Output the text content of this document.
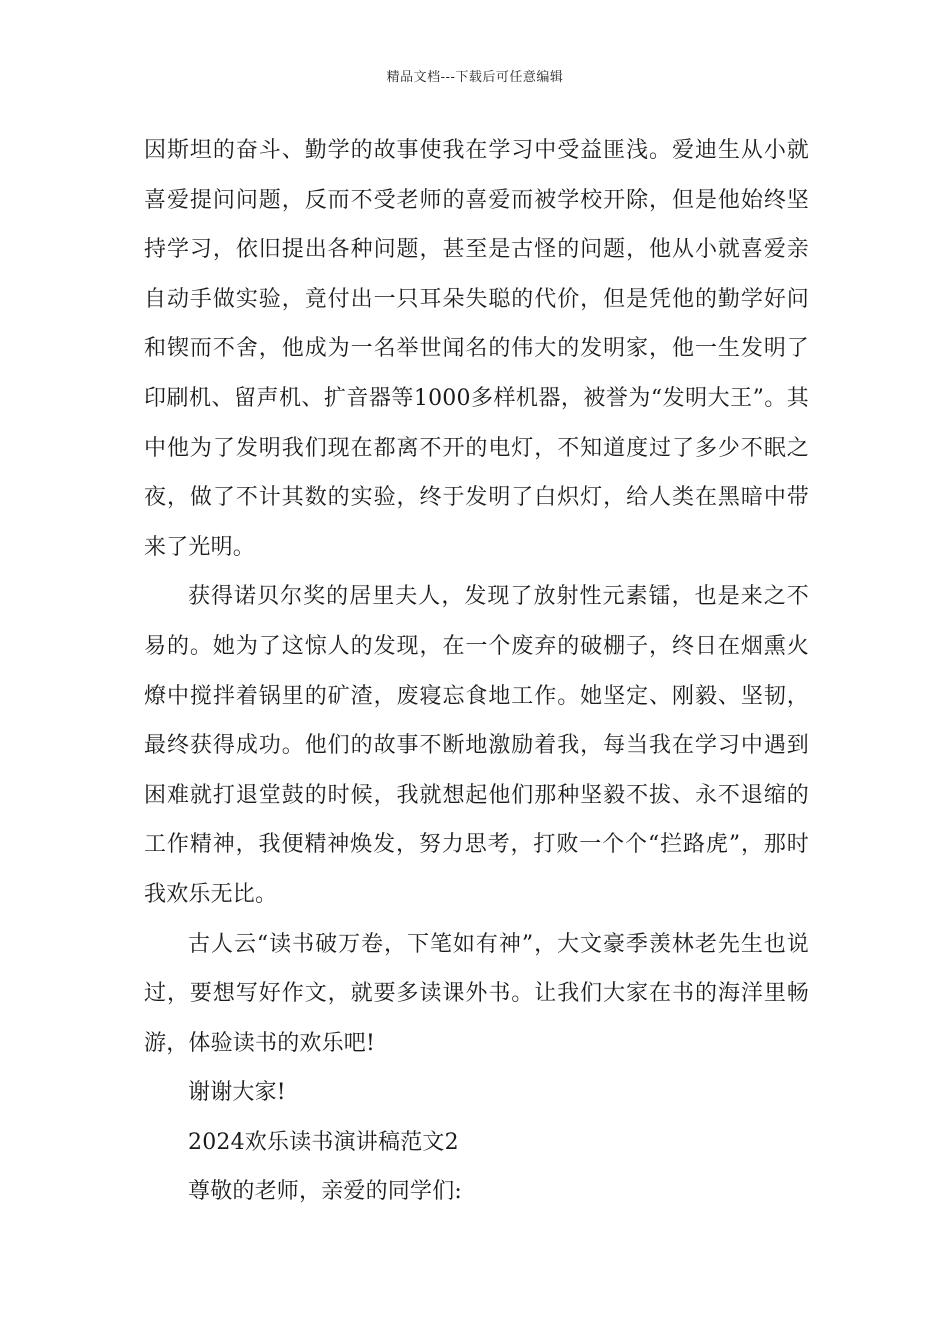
精品文档---下载后可任意编辑

因斯坦的奋斗、勤学的故事使我在学习中受益匪浅。爱迪生从小就喜爱提问问题，反而不受老师的喜爱而被学校开除，但是他始终坚持学习，依旧提出各种问题，甚至是古怪的问题，他从小就喜爱亲自动手做实验，竟付出一只耳朵失聪的代价，但是凭他的勤学好问和锲而不舍，他成为一名举世闻名的伟大的发明家，他一生发明了印刷机、留声机、扩音器等1000多样机器，被誉为“发明大王”。其中他为了发明我们现在都离不开的电灯，不知道度过了多少不眠之夜，做了不计其数的实验，终于发明了白炽灯，给人类在黑暗中带来了光明。

获得诺贝尔奖的居里夫人，发现了放射性元素镭，也是来之不易的。她为了这惊人的发现，在一个废弃的破棚子，终日在烟熏火燎中搅拌着锅里的矿渣，废寝忘食地工作。她坚定、刚毅、坚韧，最终获得成功。他们的故事不断地激励着我，每当我在学习中遇到困难就打退堂鼓的时候，我就想起他们那种坚毅不拔、永不退缩的工作精神，我便精神焕发，努力思考，打败一个个“拦路虎”，那时我欢乐无比。

古人云“读书破万卷，下笔如有神”，大文豪季羡林老先生也说过，要想写好作文，就要多读课外书。让我们大家在书的海洋里畅游，体验读书的欢乐吧!

谢谢大家!

2024欢乐读书演讲稿范文2

尊敬的老师，亲爱的同学们:
